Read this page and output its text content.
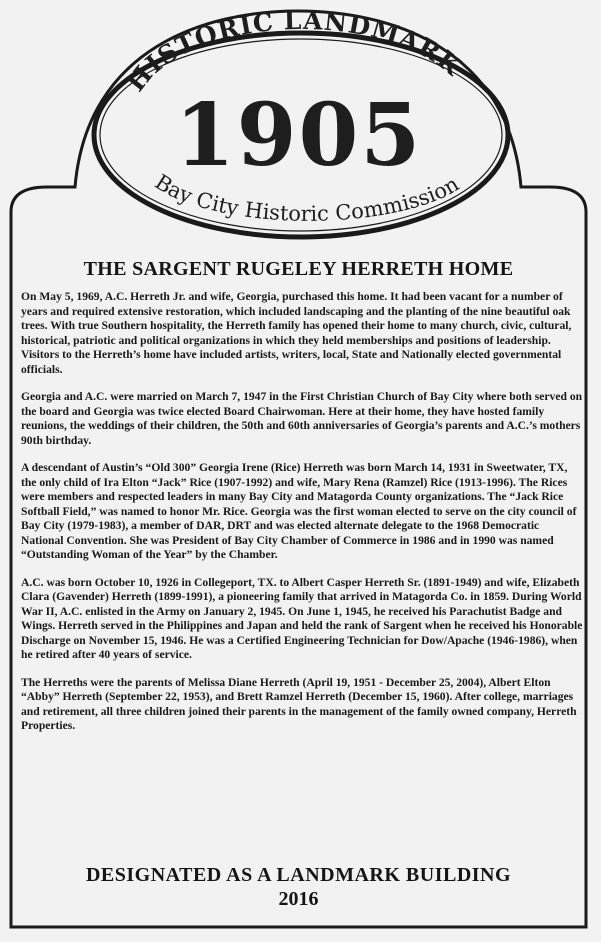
HISTORIC LANDMARK
Bay City Historic Commission
1905
THE SARGENT RUGELEY HERRETH HOME

On May 5, 1969, A.C. Herreth Jr. and wife, Georgia, purchased this home. It had been vacant for a number of years and required extensive restoration, which included landscaping and the planting of the nine beautiful oak trees. With true Southern hospitality, the Herreth family has opened their home to many church, civic, cultural, historical, patriotic and political organizations in which they held memberships and positions of leadership. Visitors to the Herreth’s home have included artists, writers, local, State and Nationally elected governmental officials.

Georgia and A.C. were married on March 7, 1947 in the First Christian Church of Bay City where both served on the board and Georgia was twice elected Board Chairwoman. Here at their home, they have hosted family reunions, the weddings of their children, the 50th and 60th anniversaries of Georgia’s parents and A.C.’s mothers 90th birthday.

A descendant of Austin’s “Old 300” Georgia Irene (Rice) Herreth was born March 14, 1931 in Sweetwater, TX, the only child of Ira Elton “Jack” Rice (1907-1992) and wife, Mary Rena (Ramzel) Rice (1913-1996). The Rices were members and respected leaders in many Bay City and Matagorda County organizations. The “Jack Rice Softball Field,” was named to honor Mr. Rice. Georgia was the first woman elected to serve on the city council of Bay City (1979-1983), a member of DAR, DRT and was elected alternate delegate to the 1968 Democratic National Convention. She was President of Bay City Chamber of Commerce in 1986 and in 1990 was named “Outstanding Woman of the Year” by the Chamber.

A.C. was born October 10, 1926 in Collegeport, TX. to Albert Casper Herreth Sr. (1891-1949) and wife, Elizabeth Clara (Gavender) Herreth (1899-1991), a pioneering family that arrived in Matagorda Co. in 1859. During World War II, A.C. enlisted in the Army on January 2, 1945. On June 1, 1945, he received his Parachutist Badge and Wings. Herreth served in the Philippines and Japan and held the rank of Sargent when he received his Honorable Discharge on November 15, 1946. He was a Certified Engineering Technician for Dow/Apache (1946-1986), when he retired after 40 years of service.

The Herreths were the parents of Melissa Diane Herreth (April 19, 1951 - December 25, 2004), Albert Elton “Abby” Herreth (September 22, 1953), and Brett Ramzel Herreth (December 15, 1960). After college, marriages and retirement, all three children joined their parents in the management of the family owned company, Herreth Properties.

DESIGNATED AS A LANDMARK BUILDING
2016
